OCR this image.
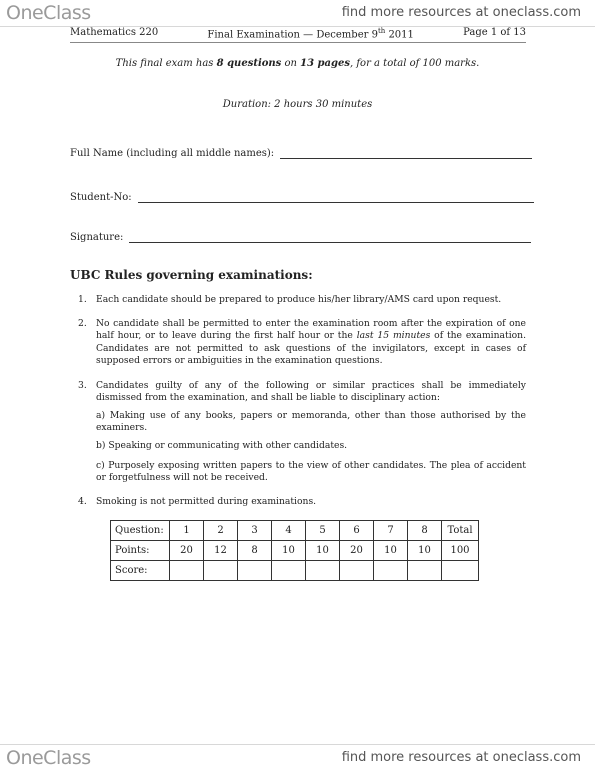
OneClass	find more resources at oneclass.com
Mathematics 220	Final Examination — December 9th 2011	Page 1 of 13
This final exam has 8 questions on 13 pages, for a total of 100 marks.
Duration: 2 hours 30 minutes
Full Name (including all middle names):
Student-No:
Signature:
UBC Rules governing examinations:
1.	Each candidate should be prepared to produce his/her library/AMS card upon request.
2.	No candidate shall be permitted to enter the examination room after the expiration of one half hour, or to leave during the first half hour or the last 15 minutes of the examination. Candidates are not permitted to ask questions of the invigilators, except in cases of supposed errors or ambiguities in the examination questions.
3.	Candidates guilty of any of the following or similar practices shall be immediately dismissed from the examination, and shall be liable to disciplinary action:
a) Making use of any books, papers or memoranda, other than those authorised by the examiners.
b) Speaking or communicating with other candidates.
c) Purposely exposing written papers to the view of other candidates. The plea of accident or forgetfulness will not be received.
4.	Smoking is not permitted during examinations.
Question:	1	2	3	4	5	6	7	8	Total
Points:	20	12	8	10	10	20	10	10	100
Score:									
OneClass	find more resources at oneclass.com
